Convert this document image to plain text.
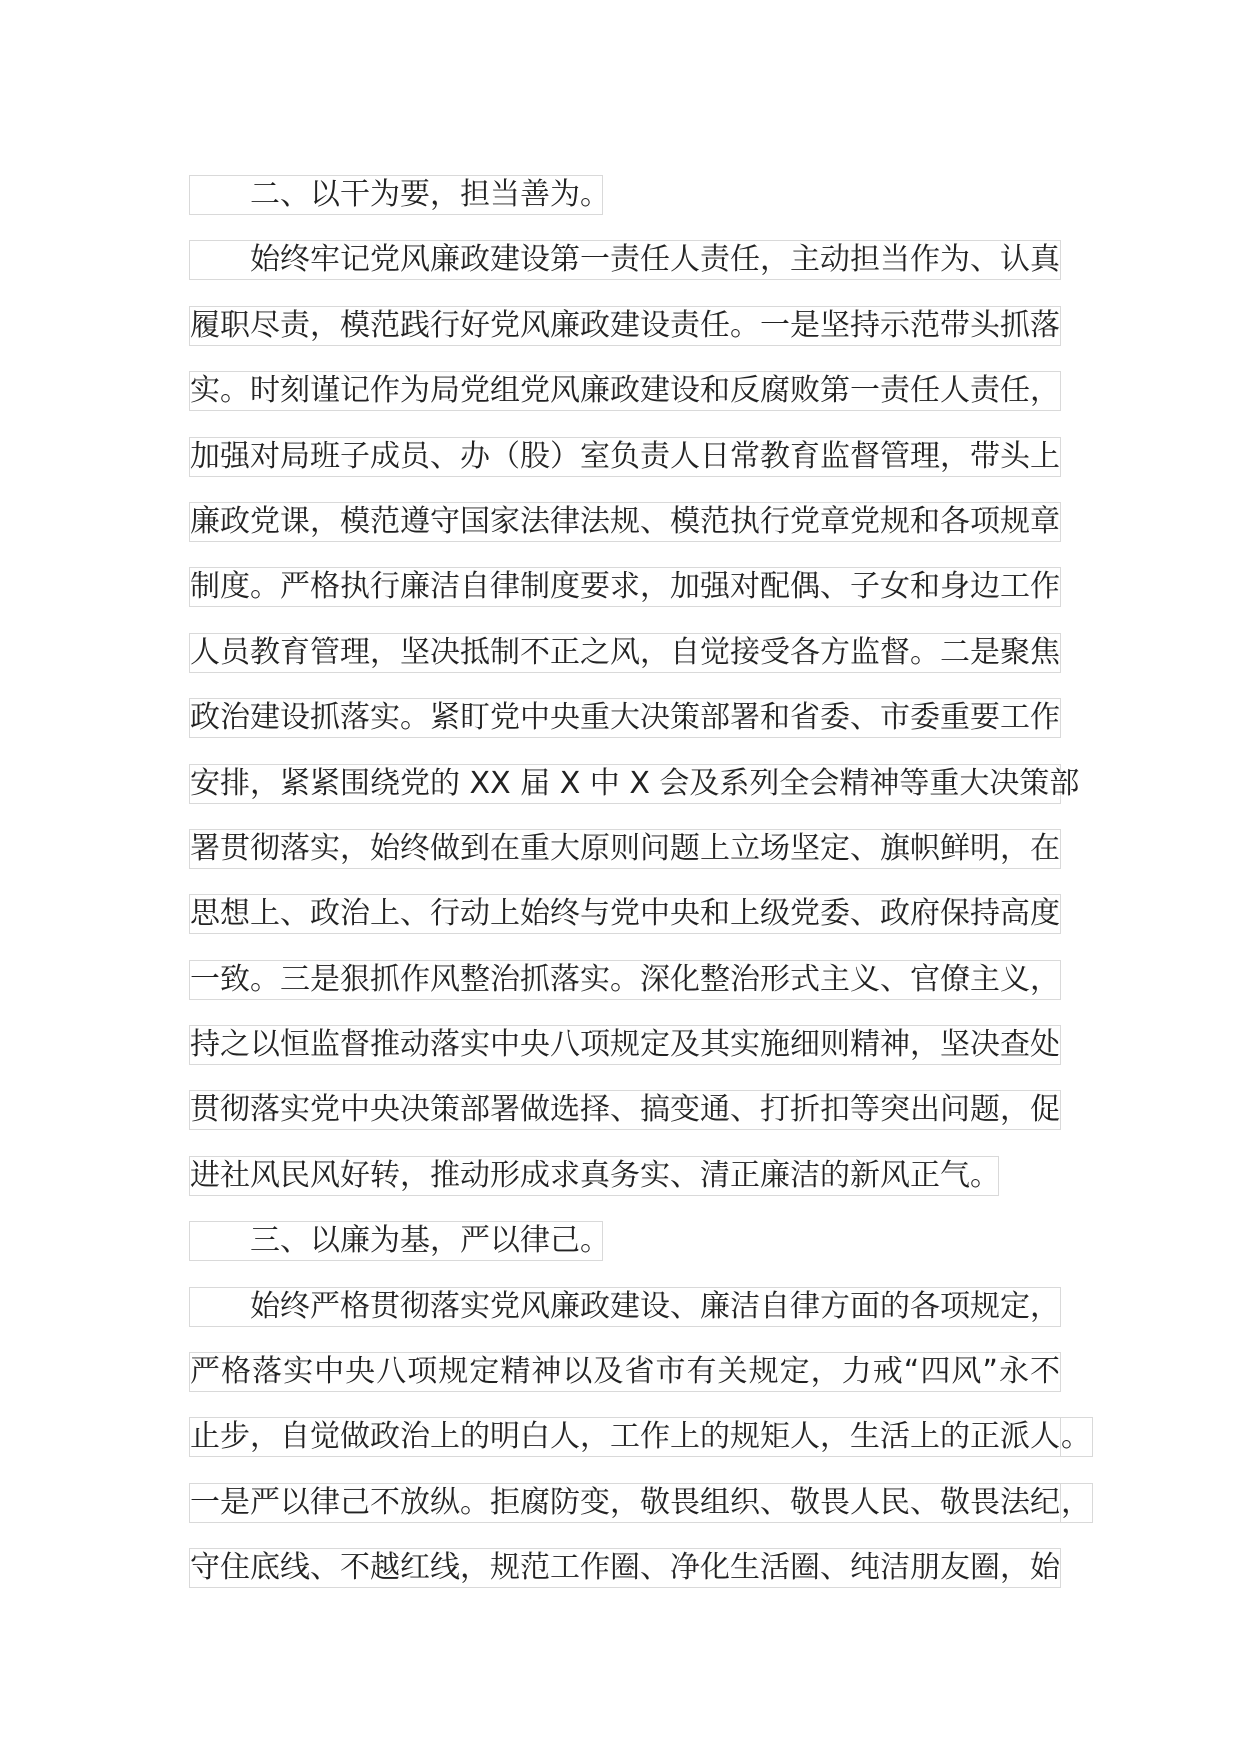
二、以干为要，担当善为。
始终牢记党风廉政建设第一责任人责任，主动担当作为、认真
履职尽责，模范践行好党风廉政建设责任。一是坚持示范带头抓落
实。时刻谨记作为局党组党风廉政建设和反腐败第一责任人责任，
加强对局班子成员、办（股）室负责人日常教育监督管理，带头上
廉政党课，模范遵守国家法律法规、模范执行党章党规和各项规章
制度。严格执行廉洁自律制度要求，加强对配偶、子女和身边工作
人员教育管理，坚决抵制不正之风，自觉接受各方监督。二是聚焦
政治建设抓落实。紧盯党中央重大决策部署和省委、市委重要工作
安排，紧紧围绕党的 XX 届 X 中 X 会及系列全会精神等重大决策部
署贯彻落实，始终做到在重大原则问题上立场坚定、旗帜鲜明，在
思想上、政治上、行动上始终与党中央和上级党委、政府保持高度
一致。三是狠抓作风整治抓落实。深化整治形式主义、官僚主义，
持之以恒监督推动落实中央八项规定及其实施细则精神，坚决查处
贯彻落实党中央决策部署做选择、搞变通、打折扣等突出问题，促
进社风民风好转，推动形成求真务实、清正廉洁的新风正气。
三、以廉为基，严以律己。
始终严格贯彻落实党风廉政建设、廉洁自律方面的各项规定，
严格落实中央八项规定精神以及省市有关规定，力戒“四风”永不
止步，自觉做政治上的明白人，工作上的规矩人，生活上的正派人 。
一是严以律己不放纵。拒腐防变，敬畏组织、敬畏人民、敬畏法纪 ，
守住底线、不越红线，规范工作圈、净化生活圈、纯洁朋友圈，始
